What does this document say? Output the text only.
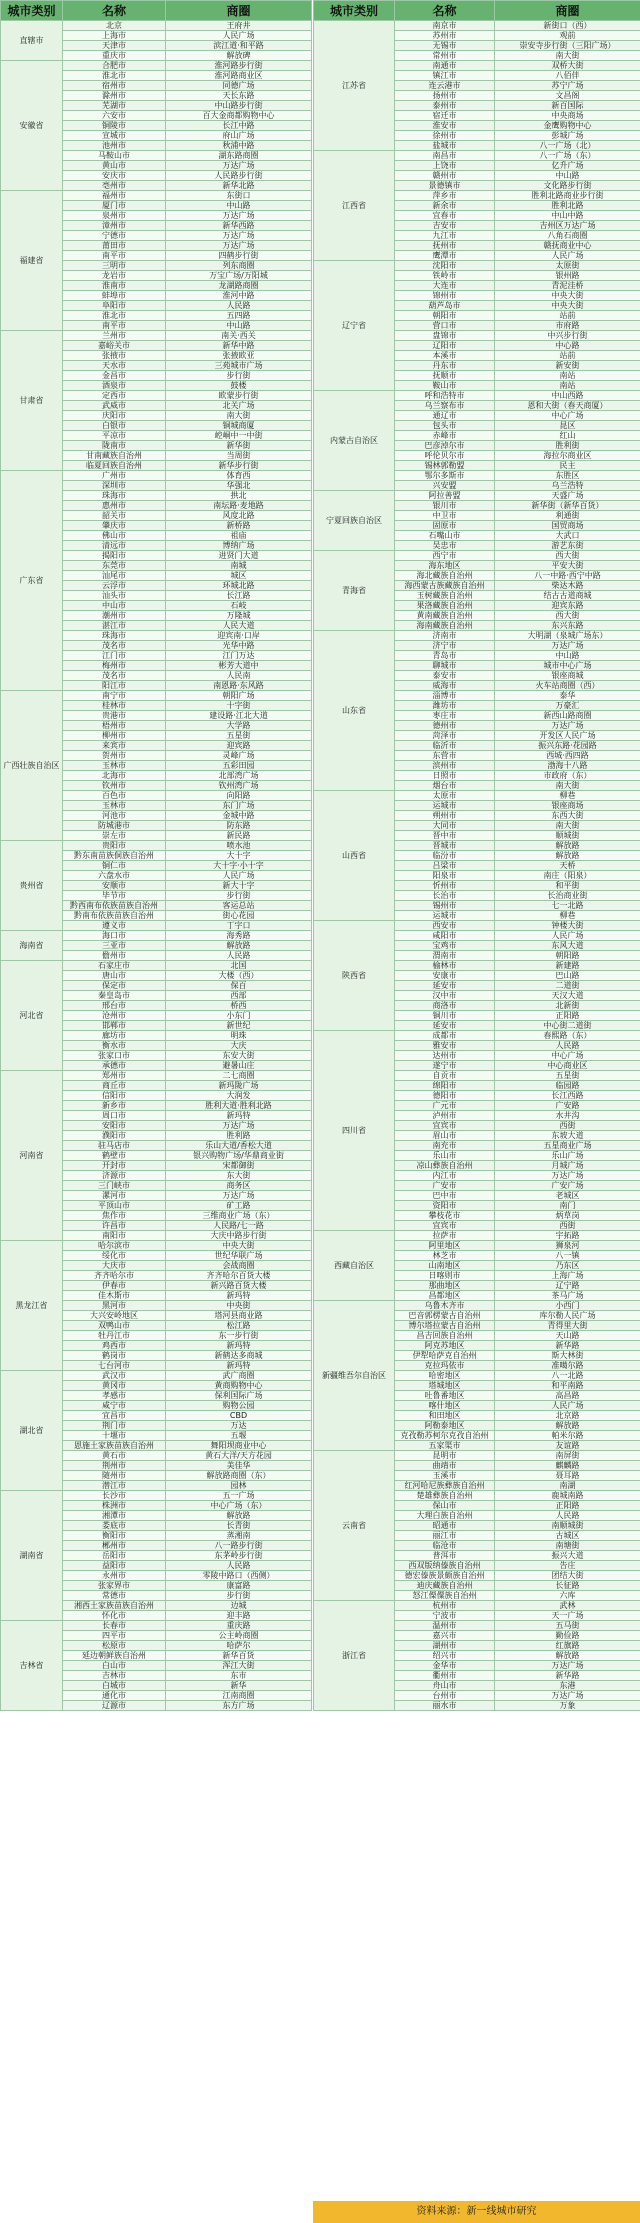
城市类别	名称	商圈
直辖市	北京	王府井
	上海市	人民广场
	天津市	滨江道·和平路
	重庆市	解放碑
安徽省	合肥市	淮河路步行街
	淮北市	淮河路商业区
	宿州市	同德广场
	滁州市	天长东路
	芜湖市	中山路步行街
	六安市	百大金商都购物中心
	铜陵市	长江中路
	宣城市	府山广场
	池州市	秋浦中路
	马鞍山市	湖东路商圈
	黄山市	万达广场
	安庆市	人民路步行街
	亳州市	新华北路
福建省	福州市	东街口
	厦门市	中山路
	泉州市	万达广场
	漳州市	新华西路
	宁德市	万达广场
	莆田市	万达广场
	南平市	四鹤步行街
	三明市	列东商圈
	龙岩市	万宝广场/万阳城
	淮南市	龙湖路商圈
	蚌埠市	淮河中路
	阜阳市	人民路
	淮北市	五四路
	南平市	中山路
甘肃省	兰州市	南关·西关
	嘉峪关市	新华中路
	张掖市	张掖欧亚
	天水市	三苑城市广场
	金昌市	步行街
	酒泉市	鼓楼
	定西市	欧蒙步行街
	武威市	北关广场
	庆阳市	南大街
	白银市	铜城商厦
	平凉市	崆峒中一中街
	陇南市	新华街
	甘南藏族自治州	当周街
	临夏回族自治州	新华步行街
广东省	广州市	体育西
	深圳市	华强北
	珠海市	拱北
	惠州市	南坛路·麦地路
	韶关市	风度北路
	肇庆市	新桥路
	佛山市	祖庙
	清远市	博纳广场
	揭阳市	进贤门大道
	东莞市	南城
	汕尾市	城区
	云浮市	环城北路
	汕头市	长江路
	中山市	石岐
	潮州市	万隆城
	湛江市	人民大道
	珠海市	迎宾南·口岸
	茂名市	光华中路
	江门市	江门万达
	梅州市	彬芳大道中
	茂名市	人民南
	阳江市	南恩路·东风路
广西壮族自治区	南宁市	朝阳广场
	桂林市	十字街
	贵港市	建设路·江北大道
	梧州市	大学路
	柳州市	五星街
	来宾市	迎宾路
	贺州市	灵峰广场
	玉林市	五彩田园
	北海市	北部湾广场
	钦州市	钦州湾广场
	百色市	向阳路
	玉林市	东门广场
	河池市	金城中路
	防城港市	防东路
	崇左市	新民路
贵州省	贵阳市	喷水池
	黔东南苗族侗族自治州	大十字
	铜仁市	大十字·小十字
	六盘水市	人民广场
	安顺市	新大十字
	毕节市	步行街
	黔西南布依族苗族自治州	客运总站
	黔南布依族苗族自治州	街心花园
	遵义市	丁字口
海南省	海口市	海秀路
	三亚市	解放路
	儋州市	人民路
河北省	石家庄市	北国
	唐山市	大楼（西）
	保定市	保百
	秦皇岛市	西部
	邢台市	桥西
	沧州市	小东门
	邯郸市	新世纪
	廊坊市	明珠
	衡水市	大庆
	张家口市	东安大街
	承德市	避暑山庄
河南省	郑州市	二七商圈
	商丘市	新玛陇广场
	信阳市	大润发
	新乡市	胜利大道·胜利北路
	周口市	新玛特
	安阳市	万达广场
	濮阳市	胜利路
	驻马店市	乐山大道/香松大道
	鹤壁市	银兴购物广场/华鼎商业街
	开封市	宋都御街
	济源市	东大街
	三门峡市	商务区
	漯河市	万达广场
	平顶山市	矿工路
	焦作市	三维商业广场（东）
	许昌市	人民路/七一路
	南阳市	大庆中路步行街
黑龙江省	哈尔滨市	中央大街
	绥化市	世纪华联广场
	大庆市	会战商圈
	齐齐哈尔市	齐齐哈尔百货大楼
	伊春市	新兴路百货大楼
	佳木斯市	新玛特
	黑河市	中央街
	大兴安岭地区	塔河县商业路
	双鸭山市	松江路
	牡丹江市	东一步行街
	鸡西市	新玛特
	鹤岗市	新鹤达多商城
	七台河市	新玛特
湖北省	武汉市	武广商圈
	黄冈市	黄商购物中心
	孝感市	保利国际广场
	咸宁市	购物公园
	宜昌市	CBD
	荆门市	万达
	十堰市	五堰
	恩施土家族苗族自治州	舞阳坝商业中心
	黄石市	黄石大洋/天方花园
	荆州市	美佳华
	随州市	解放路商圈（东）
	潜江市	园林
湖南省	长沙市	五一广场
	株洲市	中心广场（东）
	湘潭市	解放路
	娄底市	长青街
	衡阳市	蒸湘南
	郴州市	八一路步行街
	岳阳市	东茅岭步行街
	益阳市	人民路
	永州市	零陵中路口（西侧）
	张家界市	康富路
	常德市	步行街
	湘西土家族苗族自治州	边城
	怀化市	迎丰路
吉林省	长春市	重庆路
	四平市	公主岭商圈
	松原市	哈萨尔
	延边朝鲜族自治州	新华百货
	白山市	浑江大街
	吉林市	东市
	白城市	新华
	通化市	江南商圈
	辽源市	东方广场
城市类别	名称	商圈
江苏省	南京市	新街口（西）
	苏州市	观前
	无锡市	崇安寺步行街（三阳广场）
	常州市	南大街
	南通市	双桥大街
	镇江市	八佰伴
	连云港市	苏宁广场
	扬州市	文昌阁
	泰州市	新百国际
	宿迁市	中央商场
	淮安市	金鹰购物中心
	徐州市	彭城广场
	盐城市	八一广场（北）
江西省	南昌市	八一广场（东）
	上饶市	亿升广场
	赣州市	中山路
	景德镇市	文化路步行街
	萍乡市	胜利北路商业步行街
	新余市	胜利北路
	宜春市	中山中路
	吉安市	吉州区万达广场
	九江市	八角石商圈
	抚州市	赣抚商业中心
	鹰潭市	人民广场
辽宁省	沈阳市	太原街
	铁岭市	银州路
	大连市	青泥洼桥
	锦州市	中央大街
	葫芦岛市	中央大街
	朝阳市	站前
	营口市	市府路
	盘锦市	中兴步行街
	辽阳市	中心路
	本溪市	站前
	丹东市	新安街
	抚顺市	南站
	鞍山市	南站
内蒙古自治区	呼和浩特市	中山西路
	乌兰察布市	恩和大街（春天商厦）
	通辽市	中心广场
	包头市	昆区
	赤峰市	红山
	巴彦淖尔市	胜利街
	呼伦贝尔市	海拉尔商业区
	锡林郭勒盟	民主
	鄂尔多斯市	东胜区
	兴安盟	乌兰浩特
宁夏回族自治区	阿拉善盟	天盛广场
	银川市	新华街（新华百货）
	中卫市	利通街
	固原市	国贸商场
	石嘴山市	大武口
	吴忠市	游艺东街
青海省	西宁市	西大街
	海东地区	平安大街
	海北藏族自治州	八一中路·西宁中路
	海西蒙古族藏族自治州	柴达木路
	玉树藏族自治州	结古古道商城
	果洛藏族自治州	迎宾东路
	黄南藏族自治州	西大街
	海南藏族自治州	东兴东路
山东省	济南市	大明湖（泉城广场东）
	济宁市	万达广场
	青岛市	中山路
	聊城市	城市中心广场
	泰安市	银座商城
	威海市	火车站商圈（西）
	淄博市	泰华
	潍坊市	万豪汇
	枣庄市	新西山路商圈
	德州市	万达广场
	菏泽市	开发区人民广场
	临沂市	振兴东路·花园路
	东营市	西城·西四路
	滨州市	渤海十八路
	日照市	市政府（东）
	烟台市	南大街
山西省	太原市	柳巷
	运城市	银座商场
	朔州市	东西大街
	大同市	南大街
	晋中市	顺城街
	晋城市	解放路
	临汾市	解放路
	吕梁市	天桥
	阳泉市	南庄（阳泉）
	忻州市	和平街
	长治市	长治商业街
	锡州市	七一北路
	运城市	柳巷
陕西省	西安市	钟楼大街
	咸阳市	人民广场
	宝鸡市	东风大道
	渭南市	朝阳路
	榆林市	新建路
	安康市	巴山路
	延安市	二道街
	汉中市	天汉大道
	商洛市	北新街
	铜川市	正阳路
	延安市	中心街二道街
四川省	成都市	春熙路（东）
	雅安市	人民路
	达州市	中心广场
	遂宁市	中心商业区
	自贡市	五星街
	绵阳市	临园路
	德阳市	长江西路
	广元市	广安路
	泸州市	水井沟
	宜宾市	西街
	眉山市	东坡大道
	南充市	五星商业广场
	乐山市	乐山广场
	凉山彝族自治州	月城广场
	内江市	万达广场
	广安市	广安广场
	巴中市	老城区
	资阳市	南门
	攀枝花市	炳草岗
	宜宾市	西街
西藏自治区	拉萨市	宇拓路
	阿里地区	狮泉河
	林芝市	八一镇
	山南地区	乃东区
	日喀则市	上海广场
	那曲地区	辽宁路
	昌都地区	茶马广场
新疆维吾尔自治区	乌鲁木齐市	小西门
	巴音郭楞蒙古自治州	库尔勒人民广场
	博尔塔拉蒙古自治州	青得里大街
	昌吉回族自治州	天山路
	阿克苏地区	新华路
	伊犁哈萨克自治州	斯大林街
	克拉玛依市	准噶尔路
	哈密地区	八一北路
	塔城地区	和平南路
	吐鲁番地区	高昌路
	喀什地区	人民广场
	和田地区	北京路
	阿勒泰地区	解放路
	克孜勒苏柯尔克孜自治州	帕米尔路
	五家渠市	友谊路
云南省	昆明市	南屏街
	曲靖市	麒麟路
	玉溪市	聂耳路
	红河哈尼族彝族自治州	南湖
	楚雄彝族自治州	鹿城南路
	保山市	正阳路
	大理白族自治州	人民路
	昭通市	南顺城街
	丽江市	古城区
	临沧市	南塘街
	普洱市	振兴大道
	西双版纳傣族自治州	告庄
	德宏傣族景颇族自治州	团结大街
	迪庆藏族自治州	长征路
	怒江傈僳族自治州	六库
浙江省	杭州市	武林
	宁波市	天一广场
	温州市	五马街
	嘉兴市	勤俭路
	湖州市	红旗路
	绍兴市	解放路
	金华市	万达广场
	衢州市	新华路
	舟山市	东港
	台州市	万达广场
	丽水市	万象
资料来源：新一线城市研究
